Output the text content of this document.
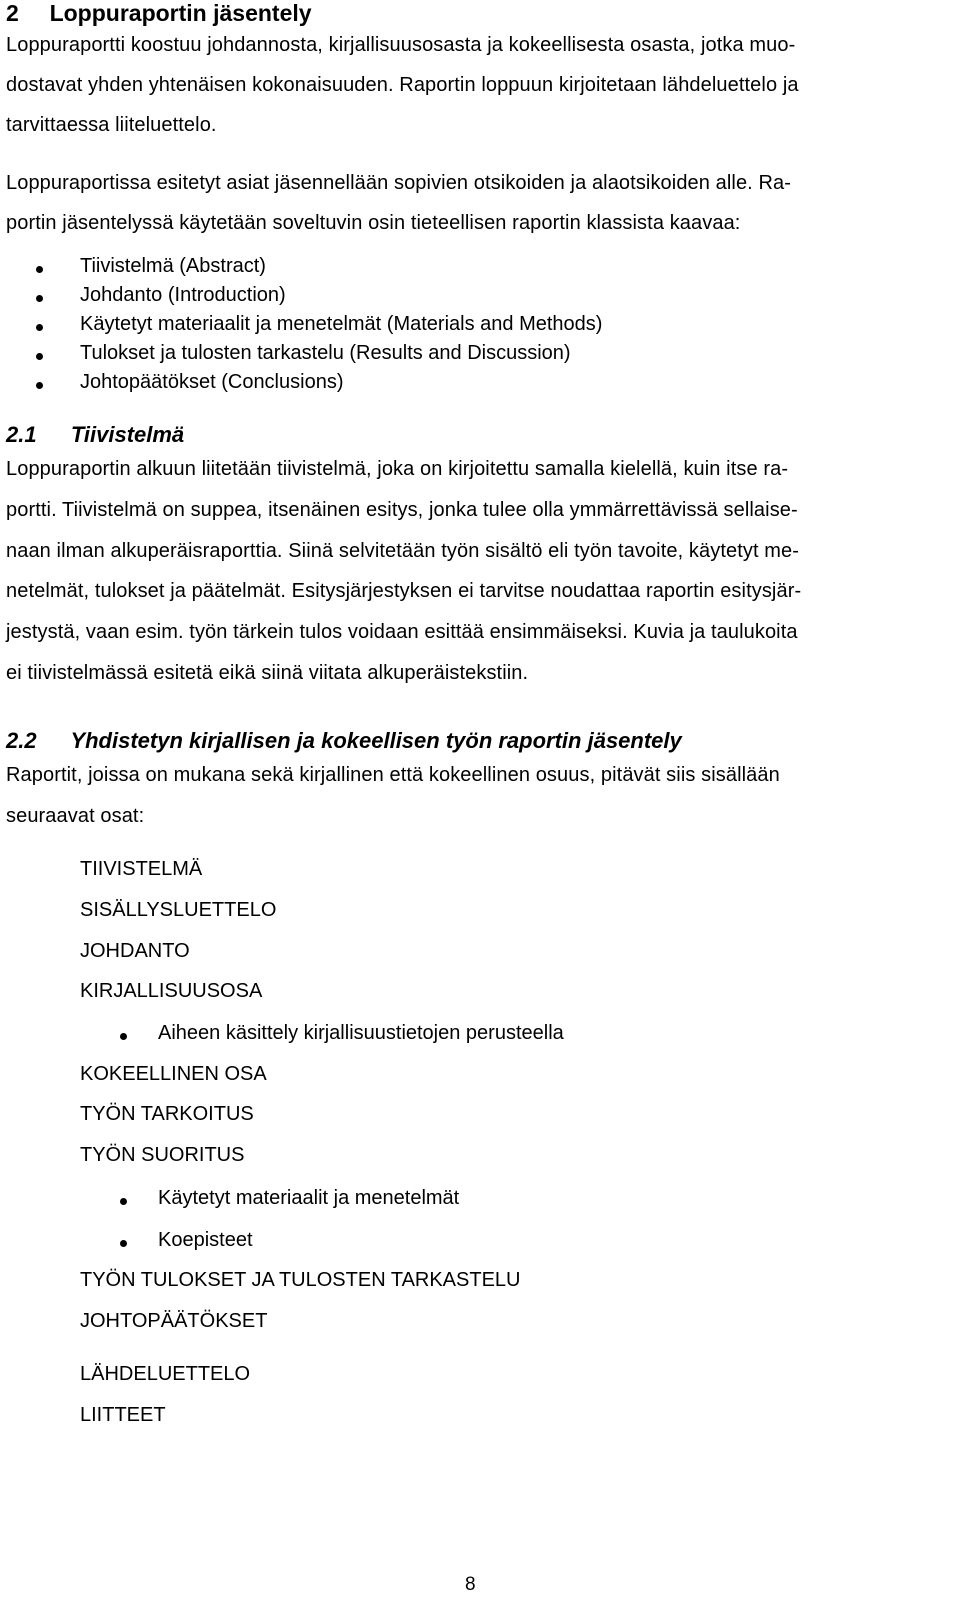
2 Loppuraportin jäsentely
Loppuraportti koostuu johdannosta, kirjallisuusosasta ja kokeellisesta osasta, jotka muo-
dostavat yhden yhtenäisen kokonaisuuden. Raportin loppuun kirjoitetaan lähdeluettelo ja
tarvittaessa liiteluettelo.
Loppuraportissa esitetyt asiat jäsennellään sopivien otsikoiden ja alaotsikoiden alle. Ra-
portin jäsentelyssä käytetään soveltuvin osin tieteellisen raportin klassista kaavaa:
Tiivistelmä (Abstract)
Johdanto (Introduction)
Käytetyt materiaalit ja menetelmät (Materials and Methods)
Tulokset ja tulosten tarkastelu (Results and Discussion)
Johtopäätökset (Conclusions)
2.1 Tiivistelmä
Loppuraportin alkuun liitetään tiivistelmä, joka on kirjoitettu samalla kielellä, kuin itse ra-
portti. Tiivistelmä on suppea, itsenäinen esitys, jonka tulee olla ymmärrettävissä sellaise-
naan ilman alkuperäisraporttia. Siinä selvitetään työn sisältö eli työn tavoite, käytetyt me-
netelmät, tulokset ja päätelmät. Esitysjärjestyksen ei tarvitse noudattaa raportin esitysjär-
jestystä, vaan esim. työn tärkein tulos voidaan esittää ensimmäiseksi. Kuvia ja taulukoita
ei tiivistelmässä esitetä eikä siinä viitata alkuperäistekstiin.
2.2 Yhdistetyn kirjallisen ja kokeellisen työn raportin jäsentely
Raportit, joissa on mukana sekä kirjallinen että kokeellinen osuus, pitävät siis sisällään
seuraavat osat:
TIIVISTELMÄ
SISÄLLYSLUETTELO
JOHDANTO
KIRJALLISUUSOSA
Aiheen käsittely kirjallisuustietojen perusteella
KOKEELLINEN OSA
TYÖN TARKOITUS
TYÖN SUORITUS
Käytetyt materiaalit ja menetelmät
Koepisteet
TYÖN TULOKSET JA TULOSTEN TARKASTELU
JOHTOPÄÄTÖKSET
LÄHDELUETTELO
LIITTEET
8
